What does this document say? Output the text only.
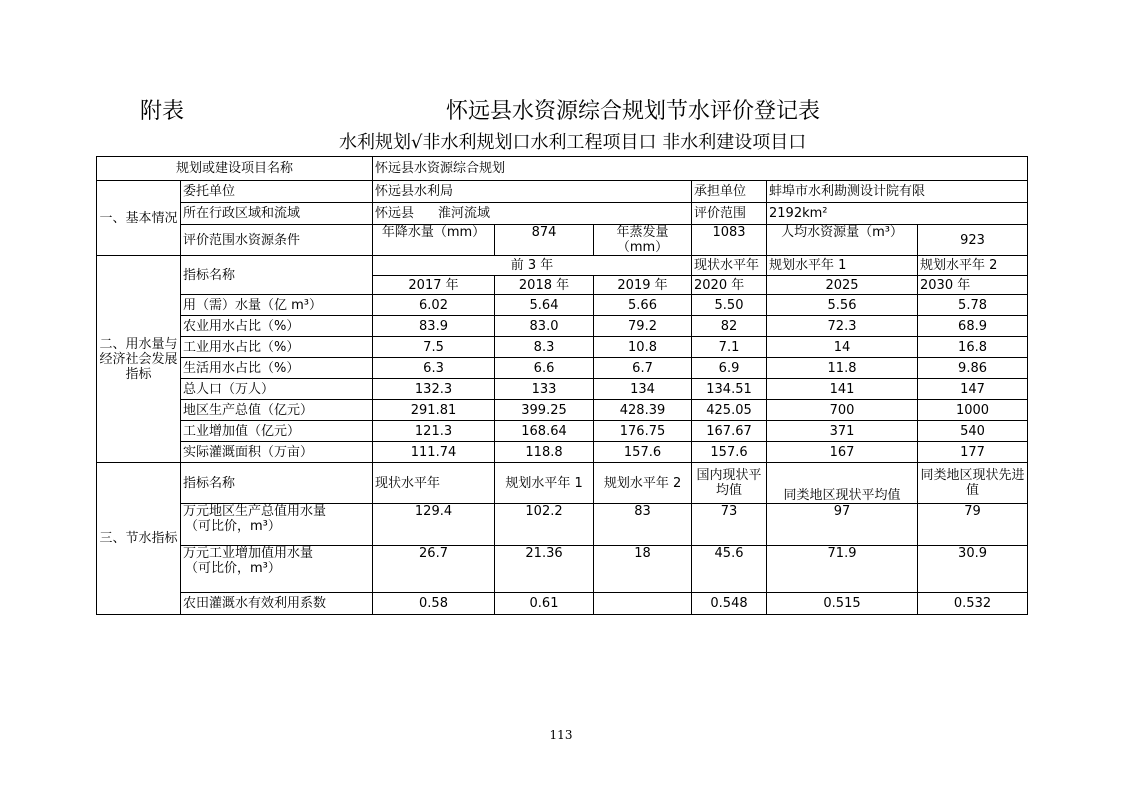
附表	怀远县水资源综合规划节水评价登记表
水利规划√非水利规划口水利工程项目口 非水利建设项目口
规划或建设项目名称		怀远县水资源综合规划					
一、基本情况	委托单位	怀远县水利局			承担单位	蚌埠市水利勘测设计院有限	
	所在行政区域和流域	怀远县 淮河流域			评价范围	2192km²	
	评价范围水资源条件	年降水量（mm）	874	年蒸发量（mm）	1083	人均水资源量（m³）	923
二、用水量与经济社会发展指标	指标名称	前 3 年			现状水平年	规划水平年 1	规划水平年 2
		2017 年	2018 年	2019 年	2020 年	2025	2030 年
	用（需）水量（亿 m³）	6.02	5.64	5.66	5.50	5.56	5.78
	农业用水占比（%）	83.9	83.0	79.2	82	72.3	68.9
	工业用水占比（%）	7.5	8.3	10.8	7.1	14	16.8
	生活用水占比（%）	6.3	6.6	6.7	6.9	11.8	9.86
	总人口（万人）	132.3	133	134	134.51	141	147
	地区生产总值（亿元）	291.81	399.25	428.39	425.05	700	1000
	工业增加值（亿元）	121.3	168.64	176.75	167.67	371	540
	实际灌溉面积（万亩）	111.74	118.8	157.6	157.6	167	177
三、节水指标	指标名称	现状水平年	规划水平年 1	规划水平年 2	国内现状平均值	同类地区现状平均值	同类地区现状先进值

	万元地区生产总值用水量
（可比价，m³）	129.4	102.2	83	73	97	79

	万元工业增加值用水量
（可比价，m³）	26.7	21.36	18	45.6	71.9	30.9
	农田灌溉水有效利用系数	0.58	0.61		0.548	0.515	0.532
113
